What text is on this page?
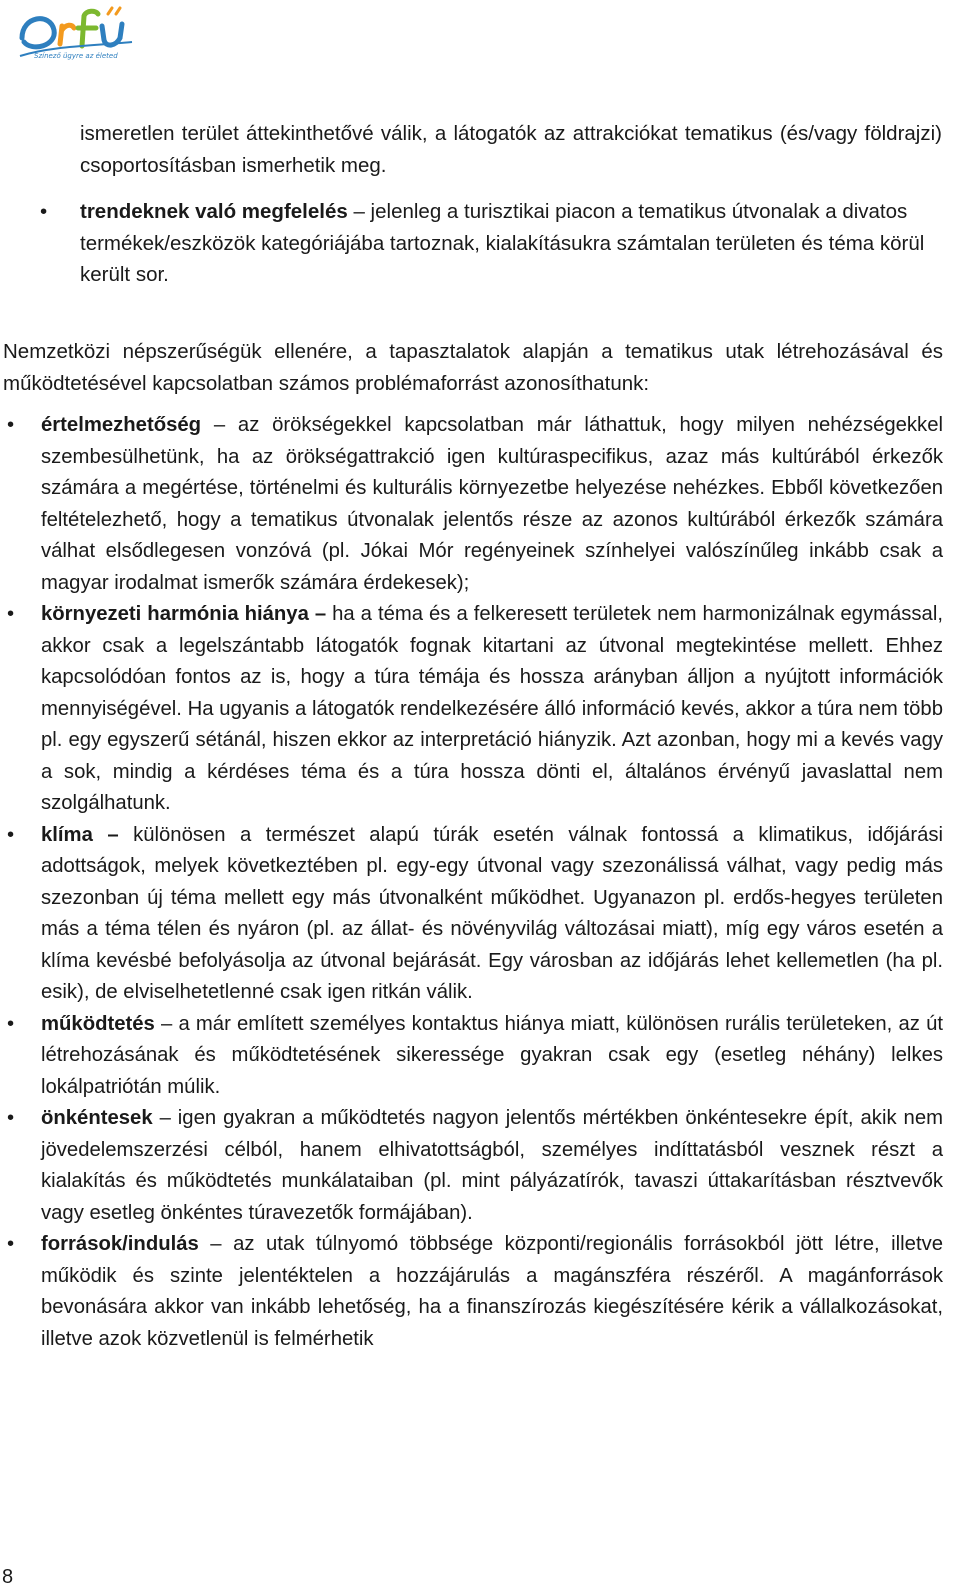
Színező ügyre az életed
ismeretlen terület áttekinthetővé válik, a látogatók az attrakciókat tematikus (és/vagy földrajzi) csoportosításban ismerhetik meg.
•	trendeknek való megfelelés – jelenleg a turisztikai piacon a tematikus útvonalak a divatos termékek/eszközök kategóriájába tartoznak, kialakításukra számtalan területen és téma körül került sor.
Nemzetközi népszerűségük ellenére, a tapasztalatok alapján a tematikus utak létrehozásával és működtetésével kapcsolatban számos problémaforrást azonosíthatunk:
• értelmezhetőség – az örökségekkel kapcsolatban már láthattuk, hogy milyen nehézségekkel szembesülhetünk, ha az örökségattrakció igen kultúraspecifikus, azaz más kultúrából érkezők számára a megértése, történelmi és kulturális környezetbe helyezése nehézkes. Ebből következően feltételezhető, hogy a tematikus útvonalak jelentős része az azonos kultúrából érkezők számára válhat elsődlegesen vonzóvá (pl. Jókai Mór regényeinek színhelyei valószínűleg inkább csak a magyar irodalmat ismerők számára érdekesek);
• környezeti harmónia hiánya – ha a téma és a felkeresett területek nem harmonizálnak egymással, akkor csak a legelszántabb látogatók fognak kitartani az útvonal megtekintése mellett. Ehhez kapcsolódóan fontos az is, hogy a túra témája és hossza arányban álljon a nyújtott információk mennyiségével. Ha ugyanis a látogatók rendelkezésére álló információ kevés, akkor a túra nem több pl. egy egyszerű sétánál, hiszen ekkor az interpretáció hiányzik. Azt azonban, hogy mi a kevés vagy a sok, mindig a kérdéses téma és a túra hossza dönti el, általános érvényű javaslattal nem szolgálhatunk.
• klíma – különösen a természet alapú túrák esetén válnak fontossá a klimatikus, időjárási adottságok, melyek következtében pl. egy-egy útvonal vagy szezonálissá válhat, vagy pedig más szezonban új téma mellett egy más útvonalként működhet. Ugyanazon pl. erdős-hegyes területen más a téma télen és nyáron (pl. az állat- és növényvilág változásai miatt), míg egy város esetén a klíma kevésbé befolyásolja az útvonal bejárását. Egy városban az időjárás lehet kellemetlen (ha pl. esik), de elviselhetetlenné csak igen ritkán válik.
• működtetés – a már említett személyes kontaktus hiánya miatt, különösen rurális területeken, az út létrehozásának és működtetésének sikeressége gyakran csak egy (esetleg néhány) lelkes lokálpatriótán múlik.
• önkéntesek – igen gyakran a működtetés nagyon jelentős mértékben önkéntesekre épít, akik nem jövedelemszerzési célból, hanem elhivatottságból, személyes indíttatásból vesznek részt a kialakítás és működtetés munkálataiban (pl. mint pályázatírók, tavaszi úttakarításban résztvevők vagy esetleg önkéntes túravezetők formájában).
• források/indulás – az utak túlnyomó többsége központi/regionális forrásokból jött létre, illetve működik és szinte jelentéktelen a hozzájárulás a magánszféra részéről. A magánforrások bevonására akkor van inkább lehetőség, ha a finanszírozás kiegészítésére kérik a vállalkozásokat, illetve azok közvetlenül is felmérhetik
8
